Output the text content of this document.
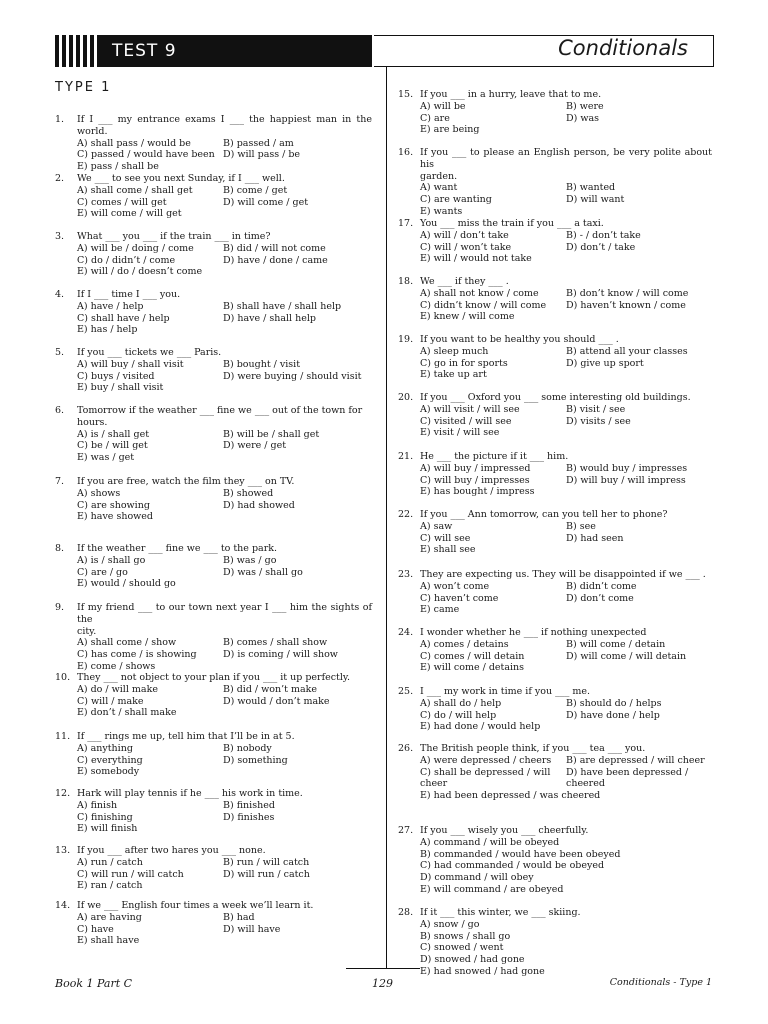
TEST 9	Conditionals
TYPE 1
1.	If I ___ my entrance exams I ___ the happiest man in the world.
A) shall pass / would be	B) passed / am
C) passed / would have been D) will pass / be
E) pass / shall be
2.	We ___ to see you next Sunday, if I ___ well.
A) shall come / shall get	B) come / get
C) comes / will get	D) will come / get
E) will come / will get
3.	What ___ you ___ if the train ___ in time?
A) will be / doing / come	B) did / will not come
C) do / didn’t / come	D) have / done / came
E) will / do / doesn’t come
4.	If I ___ time I ___ you.
A) have / help	B) shall have / shall help
C) shall have / help	D) have / shall help
E) has / help
5.	If you ___ tickets we ___ Paris.
A) will buy / shall visit	B) bought / visit
C) buys / visited	D) were buying / should visit
E) buy / shall visit
6.	Tomorrow if the weather ___ fine we ___ out of the town for
hours.
A) is / shall get	B) will be / shall get
C) be / will get	D) were / get
E) was / get
7.	If you are free, watch the film they ___ on TV.
A) shows	B) showed
C) are showing	D) had showed
E) have showed
8.	If the weather ___ fine we ___ to the park.
A) is / shall go	B) was / go
C) are / go	D) was / shall go
E) would / should go
9.	If my friend ___ to our town next year I ___ him the sights of the
city.
A) shall come / show	B) comes / shall show
C) has come / is showing	D) is coming / will show
E) come / shows
10. They ___ not object to your plan if you ___ it up perfectly.
A) do / will make	B) did / won’t make
C) will / make	D) would / don’t make
E) don’t / shall make
11. If ___ rings me up, tell him that I’ll be in at 5.
A) anything	B) nobody
C) everything	D) something
E) somebody
12. Hark will play tennis if he ___ his work in time.
A) finish	B) finished
C) finishing	D) finishes
E) will finish
13. If you ___ after two hares you ___ none.
A) run / catch	B) run / will catch
C) will run / will catch	D) will run / catch
E) ran / catch
14. If we ___ English four times a week we’ll learn it.
A) are having	B) had
C) have	D) will have
E) shall have
15. If you ___ in a hurry, leave that to me.
A) will be	B) were
C) are	D) was
E) are being
16. If you ___ to please an English person, be very polite about his
garden.
A) want	B) wanted
C) are wanting	D) will want
E) wants
17. You ___ miss the train if you ___ a taxi.
A) will / don’t take	B) - / don’t take
C) will / won’t take	D) don’t / take
E) will / would not take
18. We ___ if they ___ .
A) shall not know / come	B) don’t know / will come
C) didn’t know / will come	D) haven’t known / come
E) knew / will come
19. If you want to be healthy you should ___ .
A) sleep much	B) attend all your classes
C) go in for sports	D) give up sport
E) take up art
20. If you ___ Oxford you ___ some interesting old buildings.
A) will visit / will see	B) visit / see
C) visited / will see	D) visits / see
E) visit / will see
21. He ___ the picture if it ___ him.
A) will buy / impressed	B) would buy / impresses
C) will buy / impresses	D) will buy / will impress
E) has bought / impress
22. If you ___ Ann tomorrow, can you tell her to phone?
A) saw	B) see
C) will see	D) had seen
E) shall see
23. They are expecting us. They will be disappointed if we ___ .
A) won’t come	B) didn’t come
C) haven’t come	D) don’t come
E) came
24. I wonder whether he ___ if nothing unexpected
A) comes / detains	B) will come / detain
C) comes / will detain	D) will come / will detain
E) will come / detains
25. I ___ my work in time if you ___ me.
A) shall do / help	B) should do / helps
C) do / will help	D) have done / help
E) had done / would help
26. The British people think, if you ___ tea ___ you.
A) were depressed / cheers	B) are depressed / will cheer
C) shall be depressed / will cheer
D) have been depressed / cheered
E) had been depressed / was cheered
27. If you ___ wisely you ___ cheerfully.
A) command / will be obeyed
B) commanded / would have been obeyed
C) had commanded / would be obeyed
D) command / will obey
E) will command / are obeyed
28. If it ___ this winter, we ___ skiing.
A) snow / go
B) snows / shall go
C) snowed / went
D) snowed / had gone
E) had snowed / had gone
Book 1 Part C	129	Conditionals - Type 1
